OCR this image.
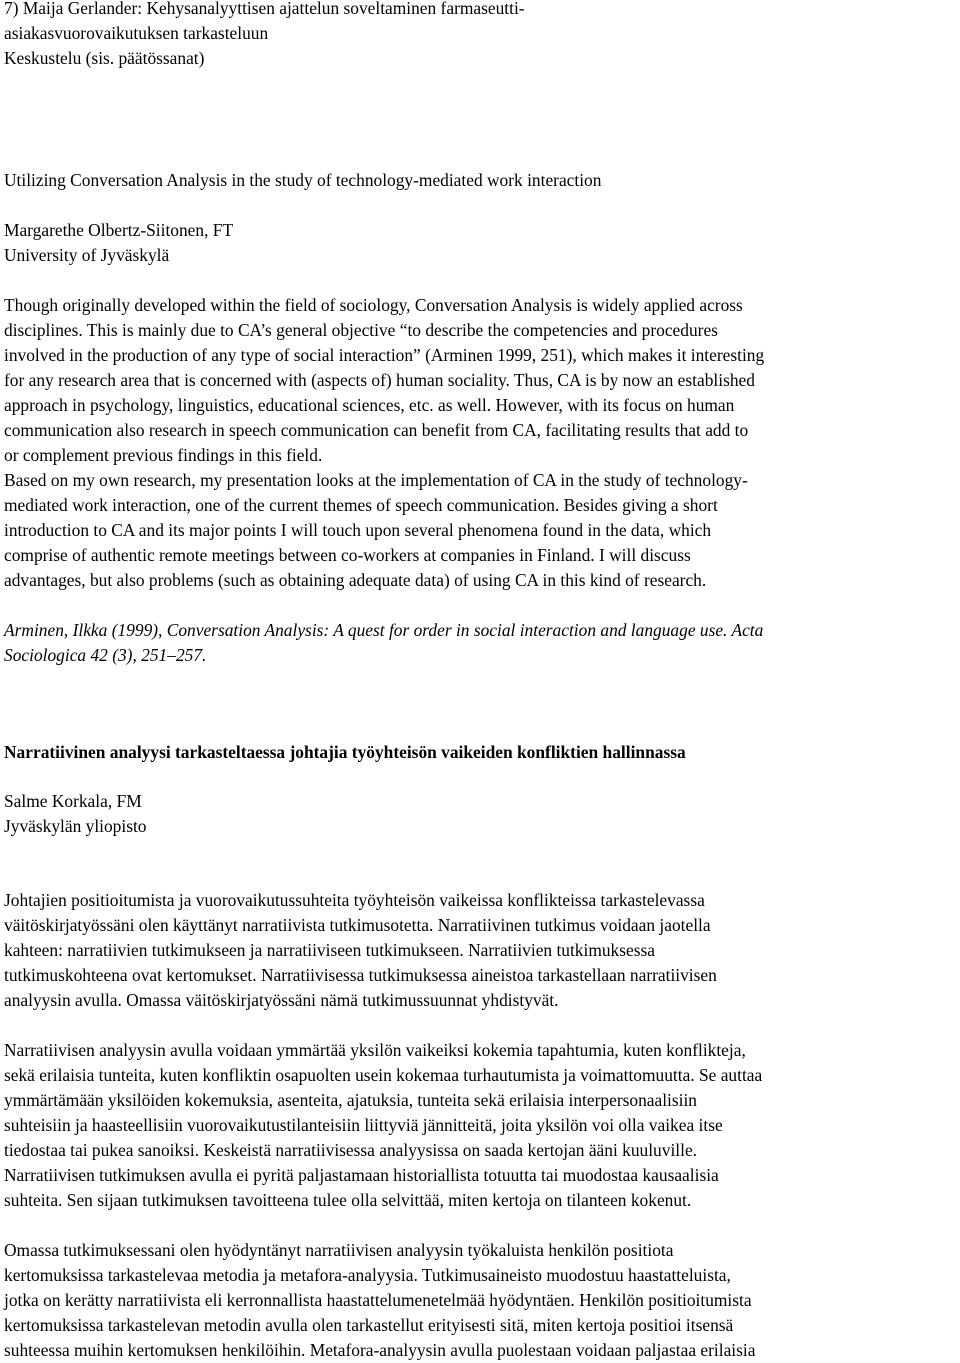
7) Maija Gerlander: Kehysanalyyttisen ajattelun soveltaminen farmaseutti-
asiakasvuorovaikutuksen tarkasteluun
Keskustelu (sis. päätössanat)
Utilizing Conversation Analysis in the study of technology-mediated work interaction
Margarethe Olbertz-Siitonen, FT
University of Jyväskylä
Though originally developed within the field of sociology, Conversation Analysis is widely applied across
disciplines. This is mainly due to CA’s general objective “to describe the competencies and procedures
involved in the production of any type of social interaction” (Arminen 1999, 251), which makes it interesting
for any research area that is concerned with (aspects of) human sociality. Thus, CA is by now an established
approach in psychology, linguistics, educational sciences, etc. as well. However, with its focus on human
communication also research in speech communication can benefit from CA, facilitating results that add to
or complement previous findings in this field.
Based on my own research, my presentation looks at the implementation of CA in the study of technology-
mediated work interaction, one of the current themes of speech communication. Besides giving a short
introduction to CA and its major points I will touch upon several phenomena found in the data, which
comprise of authentic remote meetings between co-workers at companies in Finland. I will discuss
advantages, but also problems (such as obtaining adequate data) of using CA in this kind of research.
Arminen, Ilkka (1999), Conversation Analysis: A quest for order in social interaction and language use. Acta
Sociologica 42 (3), 251–257.
Narratiivinen analyysi tarkasteltaessa johtajia työyhteisön vaikeiden konfliktien hallinnassa
Salme Korkala, FM
Jyväskylän yliopisto
Johtajien positioitumista ja vuorovaikutussuhteita työyhteisön vaikeissa konflikteissa tarkastelevassa
väitöskirjatyössäni olen käyttänyt narratiivista tutkimusotetta. Narratiivinen tutkimus voidaan jaotella
kahteen: narratiivien tutkimukseen ja narratiiviseen tutkimukseen. Narratiivien tutkimuksessa
tutkimuskohteena ovat kertomukset. Narratiivisessa tutkimuksessa aineistoa tarkastellaan narratiivisen
analyysin avulla. Omassa väitöskirjatyössäni nämä tutkimussuunnat yhdistyvät.
Narratiivisen analyysin avulla voidaan ymmärtää yksilön vaikeiksi kokemia tapahtumia, kuten konflikteja,
sekä erilaisia tunteita, kuten konfliktin osapuolten usein kokemaa turhautumista ja voimattomuutta. Se auttaa
ymmärtämään yksilöiden kokemuksia, asenteita, ajatuksia, tunteita sekä erilaisia interpersonaalisiin
suhteisiin ja haasteellisiin vuorovaikutustilanteisiin liittyviä jännitteitä, joita yksilön voi olla vaikea itse
tiedostaa tai pukea sanoiksi. Keskeistä narratiivisessa analyysissa on saada kertojan ääni kuuluville.
Narratiivisen tutkimuksen avulla ei pyritä paljastamaan historiallista totuutta tai muodostaa kausaalisia
suhteita. Sen sijaan tutkimuksen tavoitteena tulee olla selvittää, miten kertoja on tilanteen kokenut.
Omassa tutkimuksessani olen hyödyntänyt narratiivisen analyysin työkaluista henkilön positiota
kertomuksissa tarkastelevaa metodia ja metafora-analyysia. Tutkimusaineisto muodostuu haastatteluista,
jotka on kerätty narratiivista eli kerronnallista haastattelumenetelmää hyödyntäen. Henkilön positioitumista
kertomuksissa tarkastelevan metodin avulla olen tarkastellut erityisesti sitä, miten kertoja positioi itsensä
suhteessa muihin kertomuksen henkilöihin. Metafora-analyysin avulla puolestaan voidaan paljastaa erilaisia
